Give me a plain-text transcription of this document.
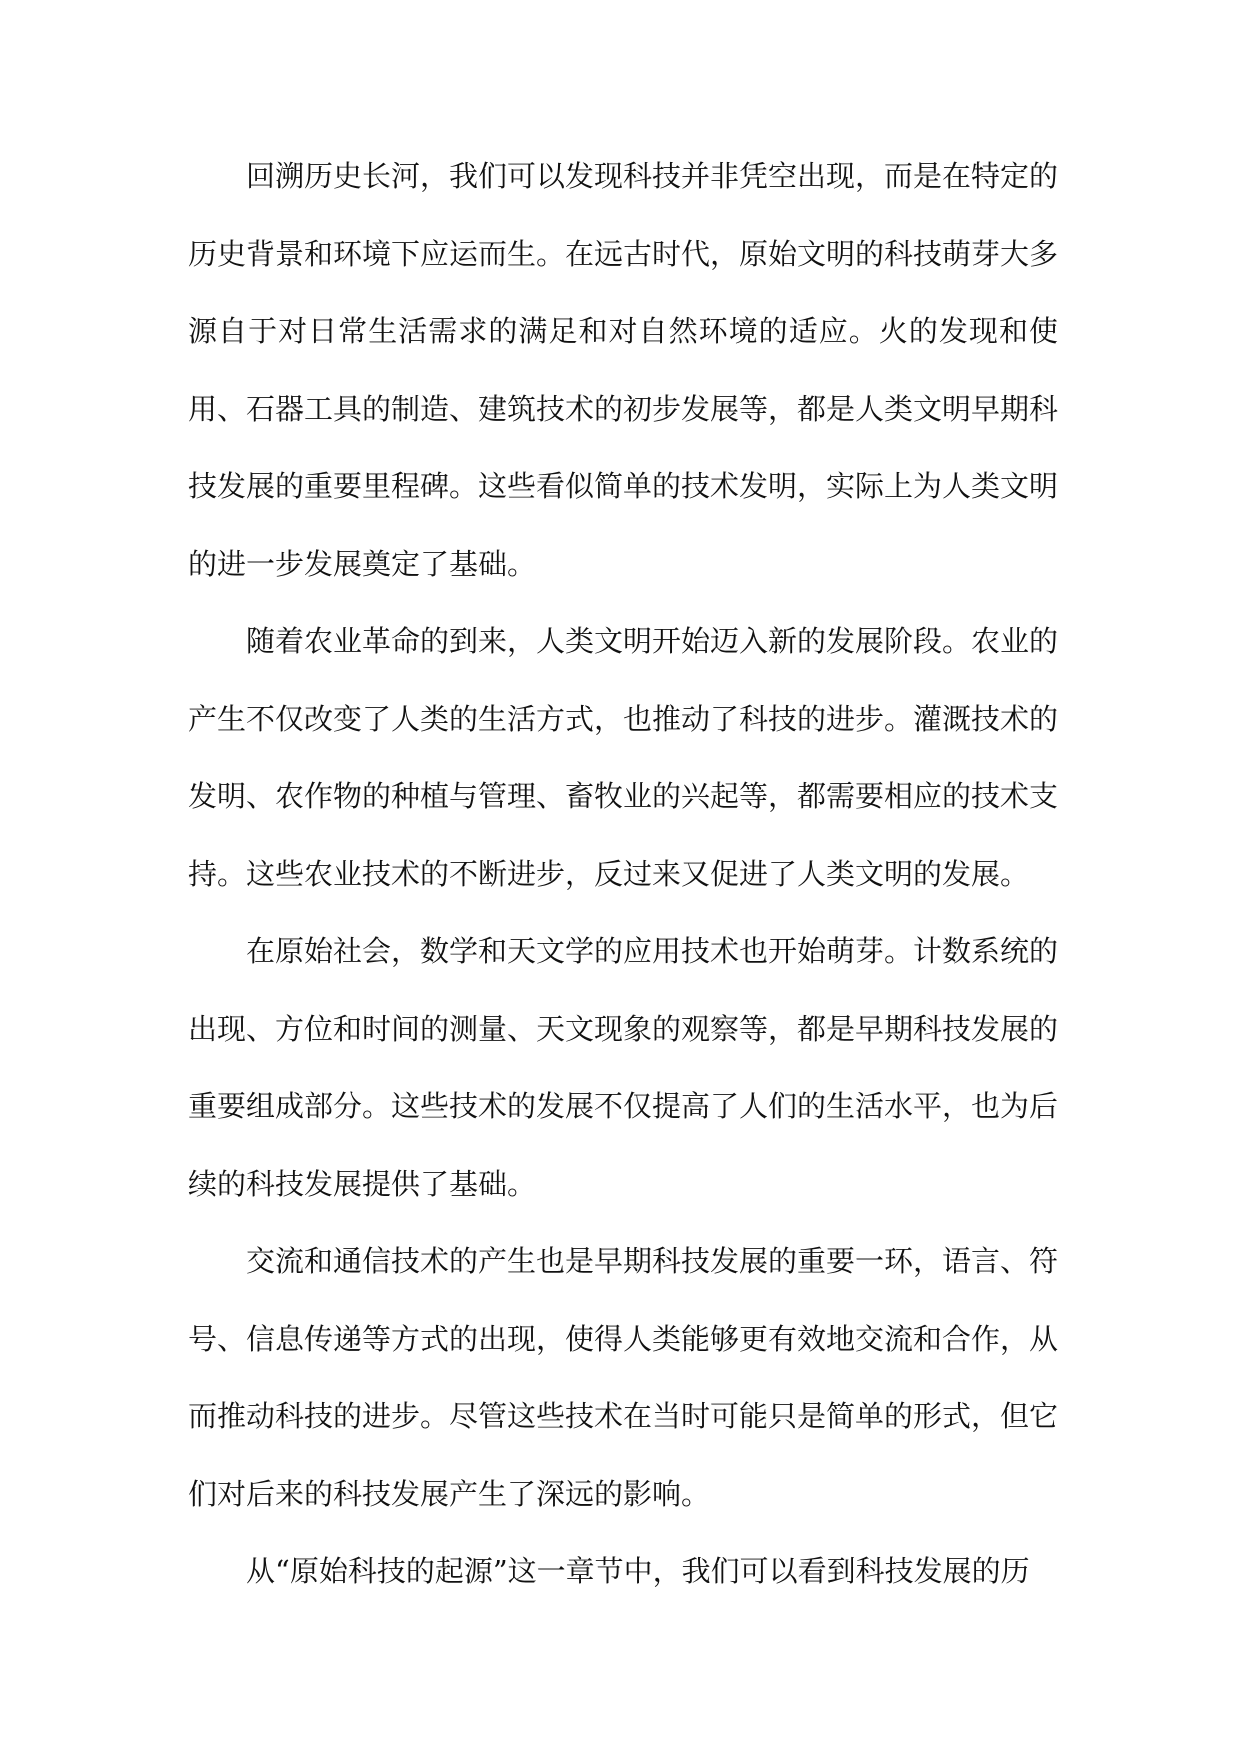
回溯历史长河，我们可以发现科技并非凭空出现，而是在特定的历史背景和环境下应运而生。在远古时代，原始文明的科技萌芽大多源自于对日常生活需求的满足和对自然环境的适应。火的发现和使用、石器工具的制造、建筑技术的初步发展等，都是人类文明早期科技发展的重要里程碑。这些看似简单的技术发明，实际上为人类文明的进一步发展奠定了基础。

随着农业革命的到来，人类文明开始迈入新的发展阶段。农业的产生不仅改变了人类的生活方式，也推动了科技的进步。灌溉技术的发明、农作物的种植与管理、畜牧业的兴起等，都需要相应的技术支持。这些农业技术的不断进步，反过来又促进了人类文明的发展。

在原始社会，数学和天文学的应用技术也开始萌芽。计数系统的出现、方位和时间的测量、天文现象的观察等，都是早期科技发展的重要组成部分。这些技术的发展不仅提高了人们的生活水平，也为后续的科技发展提供了基础。

交流和通信技术的产生也是早期科技发展的重要一环，语言、符号、信息传递等方式的出现，使得人类能够更有效地交流和合作，从而推动科技的进步。尽管这些技术在当时可能只是简单的形式，但它们对后来的科技发展产生了深远的影响。

从“原始科技的起源”这一章节中，我们可以看到科技发展的历
